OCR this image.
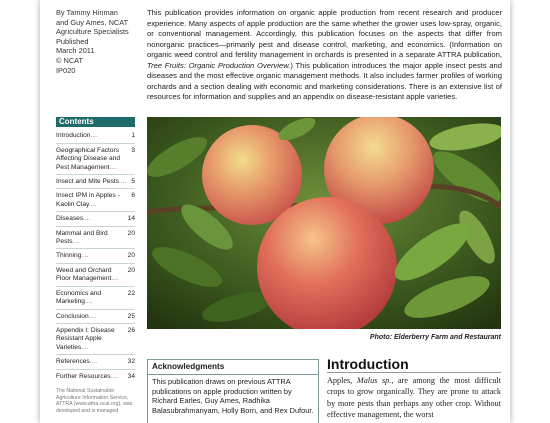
By Tammy Hinman
and Guy Ames, NCAT
Agriculture Specialists
Published
March 2011
© NCAT
IP020
This publication provides information on organic apple production from recent research and producer experience. Many aspects of apple production are the same whether the grower uses low-spray, organic, or conventional management. Accordingly, this publication focuses on the aspects that differ from nonorganic practices—primarily pest and disease control, marketing, and economics. (Information on organic weed control and fertility management in orchards is presented in a separate ATTRA publication, Tree Fruits: Organic Production Overview.) This publication introduces the major apple insect pests and diseases and the most effective organic management methods. It also includes farmer profiles of working orchards and a section dealing with economic and marketing considerations. There is an extensive list of resources for information and supplies and an appendix on disease-resistant apple varieties.
Contents
1
Introduction....
3
Geographical Factors Affecting Disease and Pest Management....
5
Insect and Mite Pests....
6
Insect IPM in Apples - Kaolin Clay....
14
Diseases....
20
Mammal and Bird Pests....
20
Thinning....
20
Weed and Orchard Floor Management....
22
Economics and Marketing....
25
Conclusion....
26
Appendix I: Disease Resistant Apple Varieties....
32
References....
34
Further Resources....
The National Sustainable Agriculture Information Service, ATTRA (www.attra.ncat.org), was developed and is managed
Photo: Elderberry Farm and Restaurant
Acknowledgments
This publication draws on previous ATTRA publications on apple production written by Richard Earles, Guy Ames, Radhika Balasubrahmanyam, Holly Born, and Rex Dufour.
Introduction
Apples, Malus sp., are among the most difficult crops to grow organically. They are prone to attack by more pests than perhaps any other crop. Without effective management, the worst
